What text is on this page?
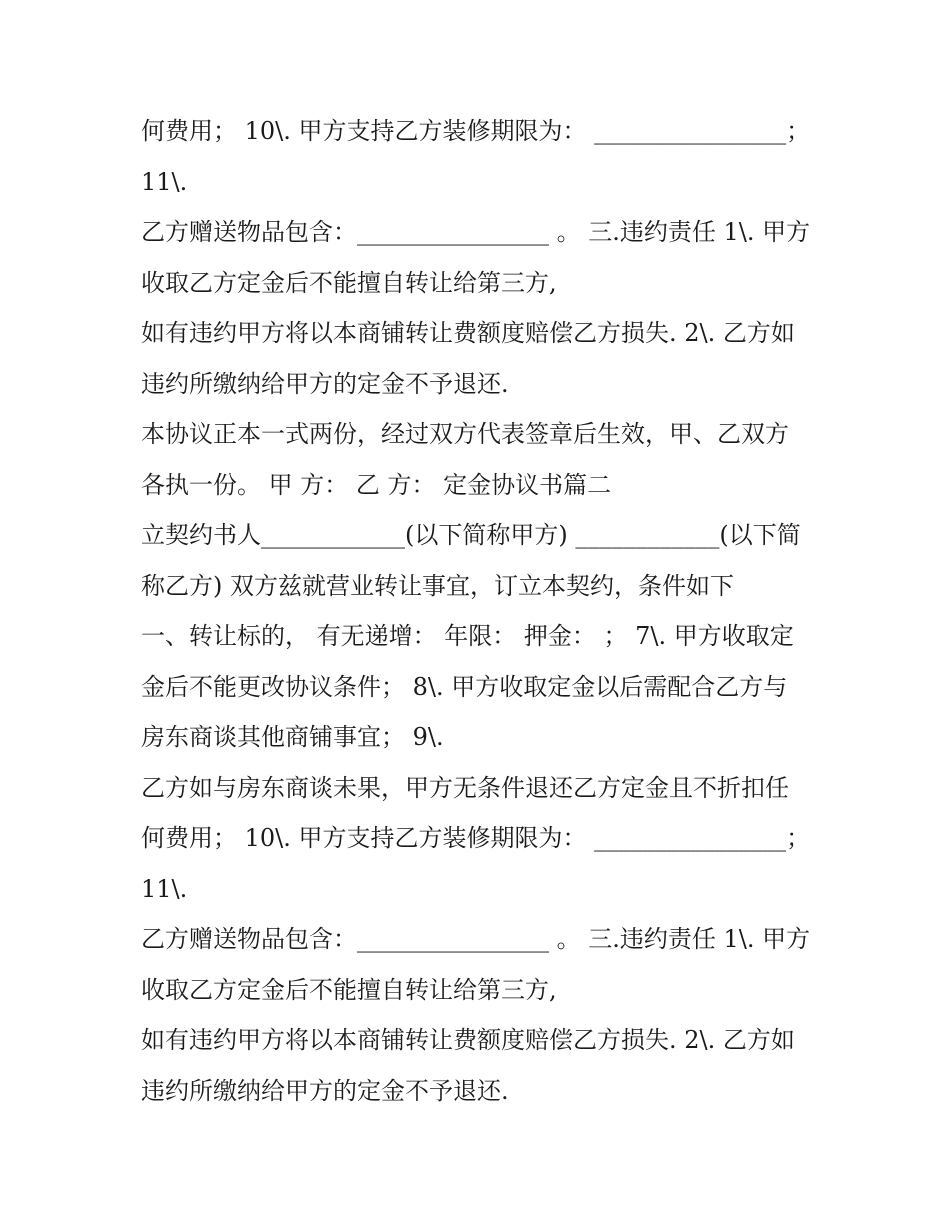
何费用； 10\. 甲方支持乙方装修期限为： ________________；

11\.

乙方赠送物品包含：________________ 。 三.违约责任 1\. 甲方

收取乙方定金后不能擅自转让给第三方,

如有违约甲方将以本商铺转让费额度赔偿乙方损失. 2\. 乙方如

违约所缴纳给甲方的定金不予退还.

本协议正本一式两份，经过双方代表签章后生效，甲、乙双方

各执一份。 甲 方： 乙 方： 定金协议书篇二

立契约书人____________(以下简称甲方) ____________(以下简

称乙方) 双方兹就营业转让事宜，订立本契约，条件如下

一、转让标的， 有无递增： 年限： 押金： ； 7\. 甲方收取定

金后不能更改协议条件； 8\. 甲方收取定金以后需配合乙方与

房东商谈其他商铺事宜； 9\.

乙方如与房东商谈未果，甲方无条件退还乙方定金且不折扣任

何费用； 10\. 甲方支持乙方装修期限为： ________________；

11\.

乙方赠送物品包含：________________ 。 三.违约责任 1\. 甲方

收取乙方定金后不能擅自转让给第三方,

如有违约甲方将以本商铺转让费额度赔偿乙方损失. 2\. 乙方如

违约所缴纳给甲方的定金不予退还.
